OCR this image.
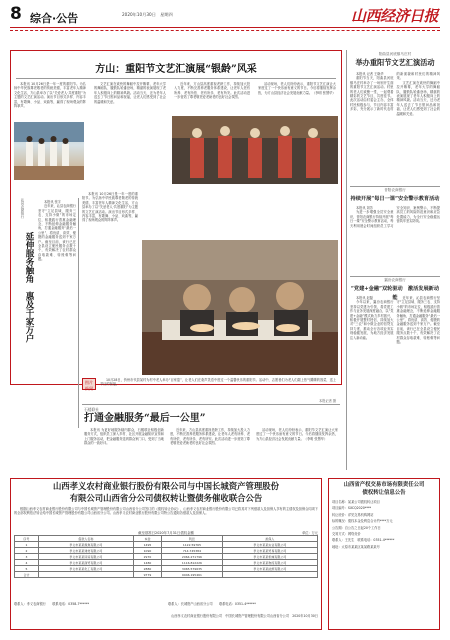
8 综合·公告	2020年10月30日　星期四	山西经济日报
方山：重阳节文艺汇演展“银龄”风采

本报讯 10月26日是一年一度的重阳节。为弘扬中华民族尊老敬老的传统美德，丰富老年人精神文化生活，方山县举办了以“关爱老人·共度重阳”为主题的文艺汇演活动。演出节目形式多样、内容丰富，有歌舞、小品、戏曲等，赢得了现场观众的阵阵掌声。

文艺汇演在欢快的舞蹈中拉开帷幕，老年大学的舞蹈队、腰鼓队轮番登场，精湛的表演展现了老年人积极向上的精神风貌。活动当天，还为老年人送去了节日慰问品和祝福，让老人们感受到了社会的温暖和关爱。

近年来，方山县高度重视老龄工作，持续加大投入力度，不断完善养老服务体系建设，让老年人老有所养、老有所依、老有所乐、老有所安。此次活动进一步营造了尊老敬老爱老助老的良好社会氛围。

活动现场，老人们纷纷表示，重阳节文艺汇演让大家度过了一个快乐而有意义的节日。今后将继续发挥余热，为方山县经济社会发展贡献力量。（李明 张慧华）

沁县农商银行
延伸服务触角　惠及千家万户

本报讯 张宇

近年来，沁县农商银行坚守“立足县域、服务三农、支持小微”的市场定位，积极践行普惠金融理念，不断延伸金融服务触角，打通金融服务“最后一公里”，将优质、高效、便捷的金融服务送到千家万户。截至目前，该行已在全县设立便民服务点数十个，有效解决了农村群众存取款难、转账难等问题。

本报讯 10月26日是一年一度的重阳节。为弘扬中华民族尊老敬老的传统美德，丰富老年人精神文化生活，方山县举办了以“关爱老人·共度重阳”为主题的文艺汇演活动。演出节目形式多样、内容丰富，有歌舞、小品、戏曲等，赢得了现场观众的阵阵掌声。

图片新闻

10月28日，忻州市代县某村为村中老人举办“百家宴”，让老人们在欢声笑语中度过一个温馨快乐的重阳节。活动中，志愿者们为老人们端上热气腾腾的饭菜，送上节日的祝福。

本报记者 摄
石楼联社
打通金融服务“最后一公里”

本报讯 为更好地服务辖内群众，石楼联社积极创新服务方式，组织员工深入乡村、社区开展金融知识宣传和上门服务活动，把金融服务送到群众家门口，受到了当地群众的一致好评。

近年来，方山县高度重视老龄工作，持续加大投入力度，不断完善养老服务体系建设，让老年人老有所养、老有所依、老有所乐、老有所安。此次活动进一步营造了尊老敬老爱老助老的良好社会氛围。

活动现场，老人们纷纷表示，重阳节文艺汇演让大家度过了一个快乐而有意义的节日。今后将继续发挥余热，为方山县经济社会发展贡献力量。（李明 张慧华）

阳曲县河底镇马庄村
举办重阳节文艺汇演活动

本报讯 记者 王晓华

重阳节当天，阳曲县河底镇马庄村举办了一场别开生面的重阳节文艺汇演活动。村里的老人们欢聚一堂，一起观看精彩的文艺节目，共度佳节。此次活动由村委会主办，全体村民积极参与，节目内容丰富多彩，充分展示了新时代农村的新面貌和村民们的精神风采。

文艺汇演在欢快的舞蹈中拉开帷幕，老年大学的舞蹈队、腰鼓队轮番登场，精湛的表演展现了老年人积极向上的精神风貌。活动当天，还为老年人送去了节日慰问品和祝福，让老人们感受到了社会的温暖和关爱。

昔阳农商银行
持续开展“每日一课”安全警示教育活动

本报讯 刘芳

为进一步增强全员安全意识，昔阳农商银行持续开展“每日一课”安全警示教育活动，每天利用晨会时间组织员工学习安全知识、案例警示，不断提高员工的风险防范意识和应急处置能力，为全行安全稳健运营筑牢坚实防线。

襄汾农商银行
“党建+金融”双轮驱动　激活发展新动能

本报讯 赵磊

今年以来，襄汾农商银行坚持以党建为引领，将党建工作与业务发展深度融合，以“党建+金融”模式助力乡村振兴，积极开展整村授信，持续加大对“三农”和小微企业的信贷支持力度，推动全行各项业务实现稳健发展，为地方经济发展注入新动能。

近年来，沁县农商银行坚守“立足县域、服务三农、支持小微”的市场定位，积极践行普惠金融理念，不断延伸金融服务触角，打通金融服务“最后一公里”，将优质、高效、便捷的金融服务送到千家万户。截至目前，该行已在全县设立便民服务点数十个，有效解决了农村群众存取款难、转账难等问题。

山西孝义农村商业银行股份有限公司与中国长城资产管理股份
有限公司山西省分公司债权转让暨债务催收联合公告

根据山西孝义农村商业银行股份有限公司与中国长城资产管理股份有限公司山西省分公司签订的《债权转让协议》，山西孝义农村商业银行股份有限公司已将其对下列借款人及担保人享有的主债权及担保合同项下的全部权利依法转让给中国长城资产管理股份有限公司山西省分公司。山西孝义农村商业银行股份有限公司特公告通知各借款人及担保人。

截至基准日2020年7月31日债权金额	单位：万元
序号	借款人名称	本金	利息	担保人
1	孝义市某某煤焦有限公司	1495	1122.59765	孝义市某某实业有限公司
2	孝义市某某建材有限公司	1090	714.745384	孝义市某某贸易有限公司
3	孝义市某某铸造有限公司	2970	2064.271796	孝义市某某机械有限公司
4	孝义市某某商贸有限公司	1480	1116.812226	孝义市某某物流有限公司
5	孝义市某某化工有限公司	2880	3065.579635	孝义市某某能源有限公司
合计		9779	9046.195461	
联系人：孝义农商银行　　联系电话：0358-7******	联系人：长城资产山西省分公司　　联系电话：0351-4******
山西孝义农村商业银行股份有限公司　中国长城资产管理股份有限公司山西省分公司　2020年10月30日
山西省产权交易市场有限责任公司
债权转让信息公告

项目名称：某某公司债权转让项目

项目编号：SXCQ2020****

转让底价：详见交易机构网站

标的概况：债权本金及利息合计约****万元

公告期：自公告之日起20个工作日

交易方式：网络竞价

联系人：王先生　联系电话：0351-4******

地址：太原市某某区某某路某某号
